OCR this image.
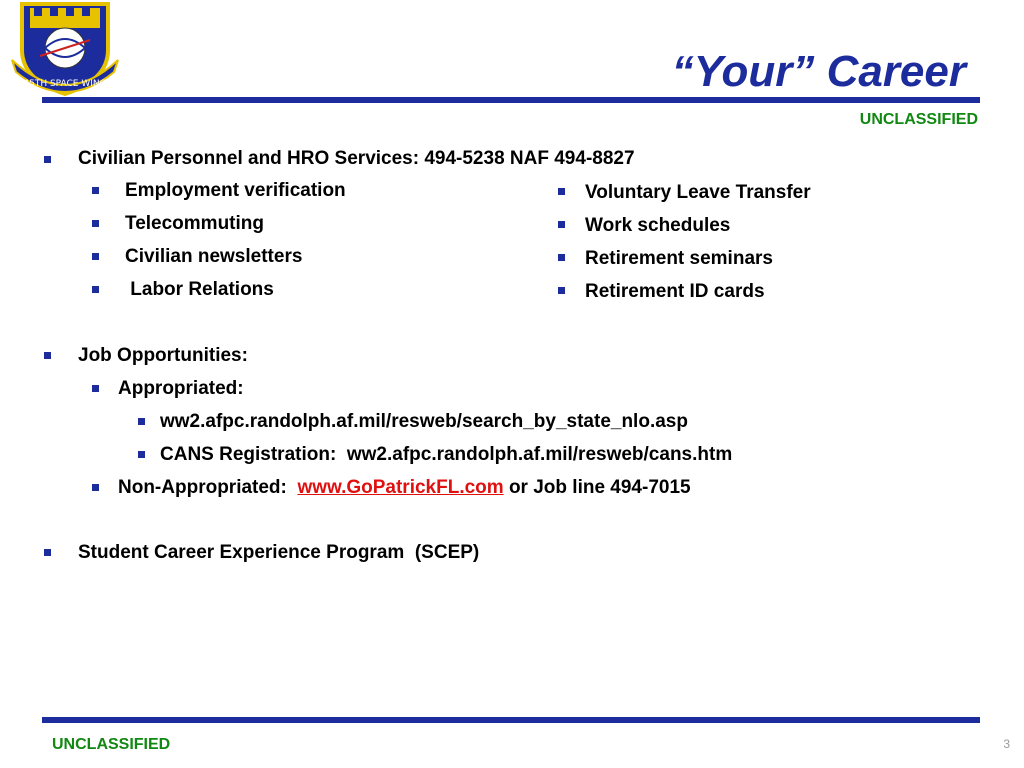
45TH SPACE WING	“Your” Career
UNCLASSIFIED
Civilian Personnel and HRO Services: 494-5238 NAF 494-8827
Employment verification
Telecommuting
Civilian newsletters
Labor Relations
Voluntary Leave Transfer
Work schedules
Retirement seminars
Retirement ID cards
Job Opportunities:
Appropriated:
ww2.afpc.randolph.af.mil/resweb/search_by_state_nlo.asp
CANS Registration:  ww2.afpc.randolph.af.mil/resweb/cans.htm
Non-Appropriated:  www.GoPatrickFL.com or Job line 494-7015
Student Career Experience Program  (SCEP)
UNCLASSIFIED	3
